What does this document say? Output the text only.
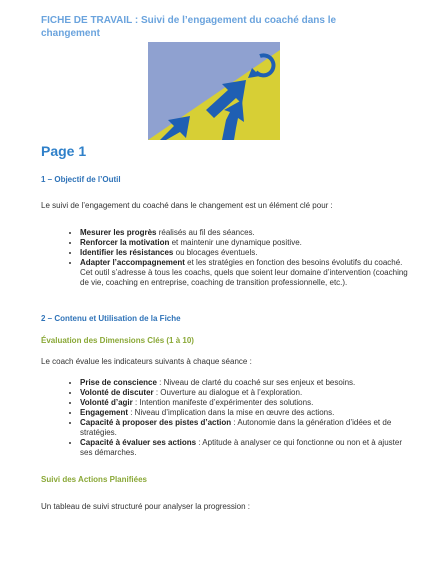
FICHE DE TRAVAIL : Suivi de l’engagement du coaché dans le changement
Page 1
1 – Objectif de l’Outil

Le suivi de l’engagement du coaché dans le changement est un élément clé pour :

• Mesurer les progrès réalisés au fil des séances.
• Renforcer la motivation et maintenir une dynamique positive.
• Identifier les résistances ou blocages éventuels.
• Adapter l’accompagnement et les stratégies en fonction des besoins évolutifs du coaché. Cet outil s’adresse à tous les coachs, quels que soient leur domaine d’intervention (coaching de vie, coaching en entreprise, coaching de transition professionnelle, etc.).
2 – Contenu et Utilisation de la Fiche
Évaluation des Dimensions Clés (1 à 10)

Le coach évalue les indicateurs suivants à chaque séance :

• Prise de conscience : Niveau de clarté du coaché sur ses enjeux et besoins.
• Volonté de discuter : Ouverture au dialogue et à l’exploration.
• Volonté d’agir : Intention manifeste d’expérimenter des solutions.
• Engagement : Niveau d’implication dans la mise en œuvre des actions.
• Capacité à proposer des pistes d’action : Autonomie dans la génération d’idées et de stratégies.
• Capacité à évaluer ses actions : Aptitude à analyser ce qui fonctionne ou non et à ajuster ses démarches.
Suivi des Actions Planifiées

Un tableau de suivi structuré pour analyser la progression :
